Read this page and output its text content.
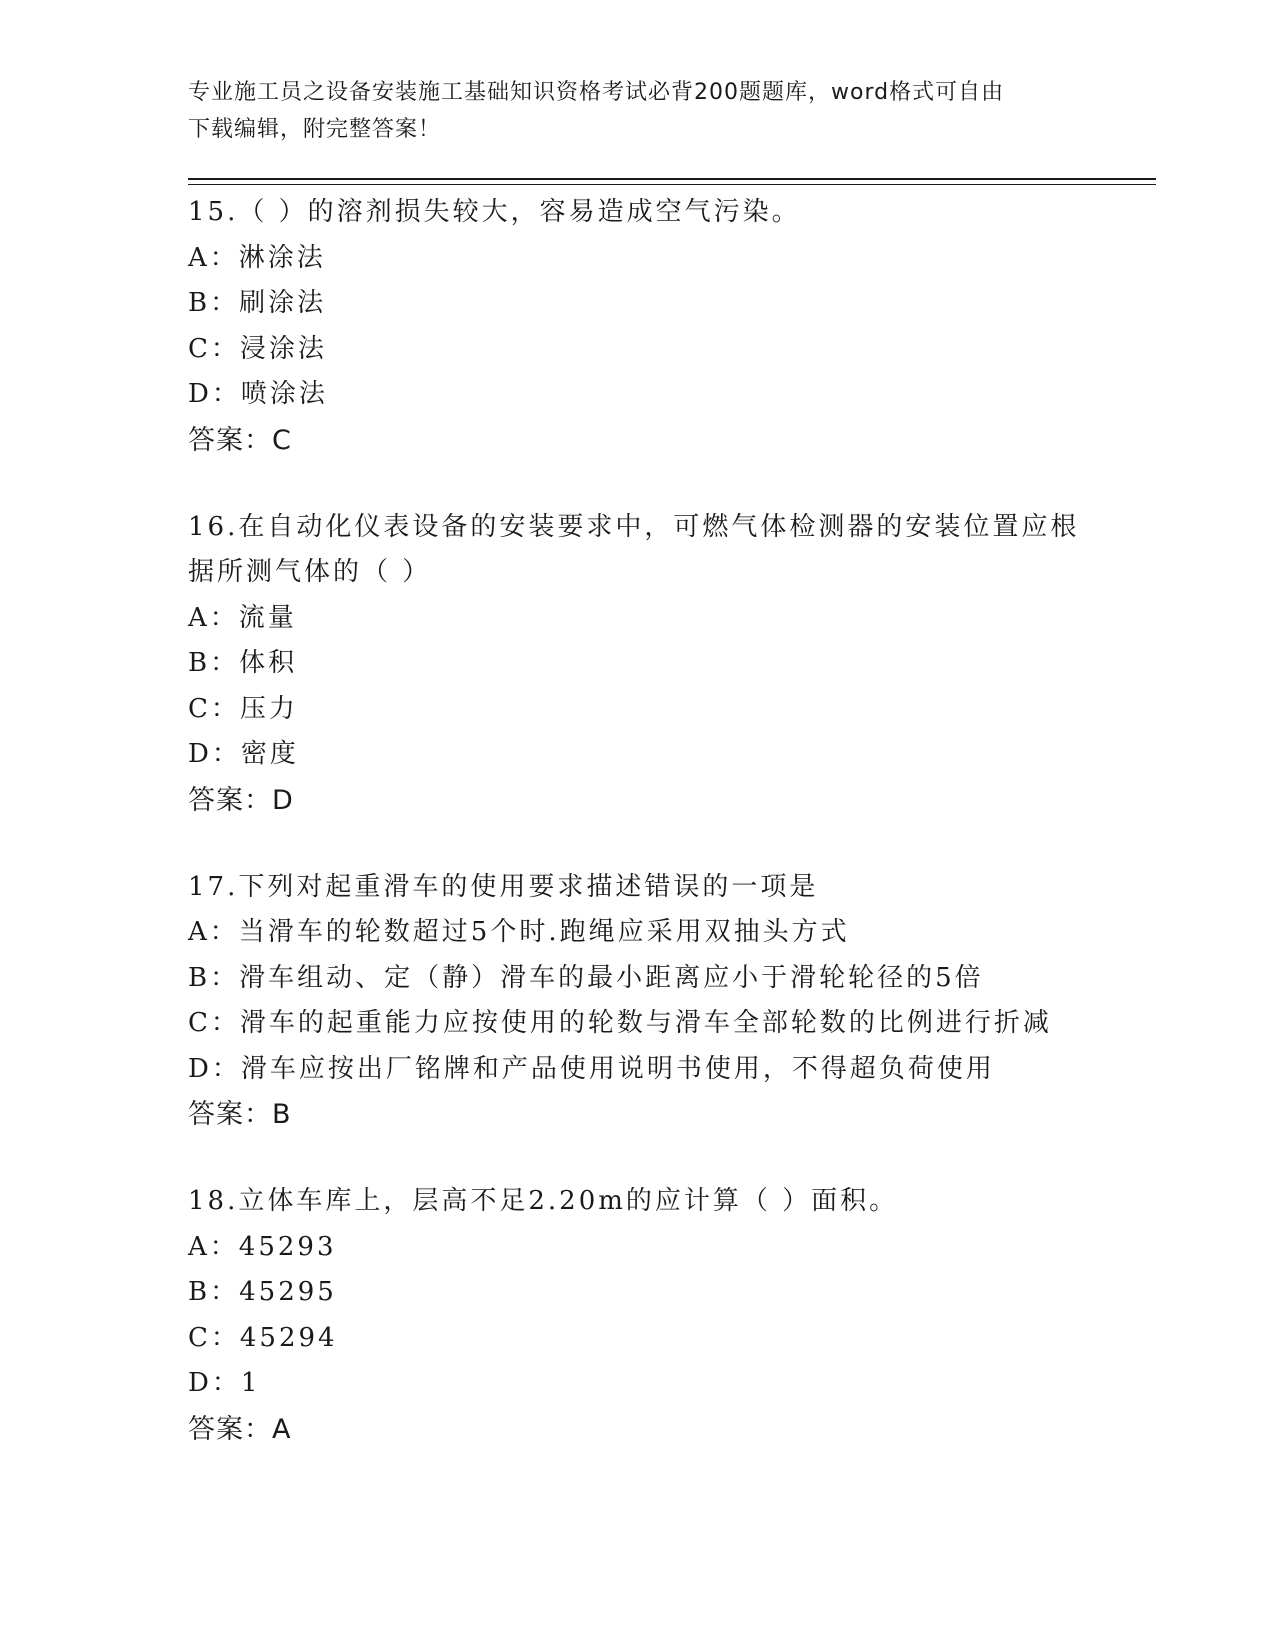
专业施工员之设备安装施工基础知识资格考试必背200题题库，word格式可自由
下载编辑，附完整答案！

15.（ ）的溶剂损失较大，容易造成空气污染。

A：淋涂法

B：刷涂法

C：浸涂法

D：喷涂法

答案：C

16.在自动化仪表设备的安装要求中，可燃气体检测器的安装位置应根据所测气体的（ ）

A：流量

B：体积

C：压力

D：密度

答案：D

17.下列对起重滑车的使用要求描述错误的一项是

A：当滑车的轮数超过5个时.跑绳应采用双抽头方式

B：滑车组动、定（静）滑车的最小距离应小于滑轮轮径的5倍

C：滑车的起重能力应按使用的轮数与滑车全部轮数的比例进行折减

D：滑车应按出厂铭牌和产品使用说明书使用，不得超负荷使用

答案：B

18.立体车库上，层高不足2.20m的应计算（ ）面积。

A：45293

B：45295

C：45294

D：1

答案：A
